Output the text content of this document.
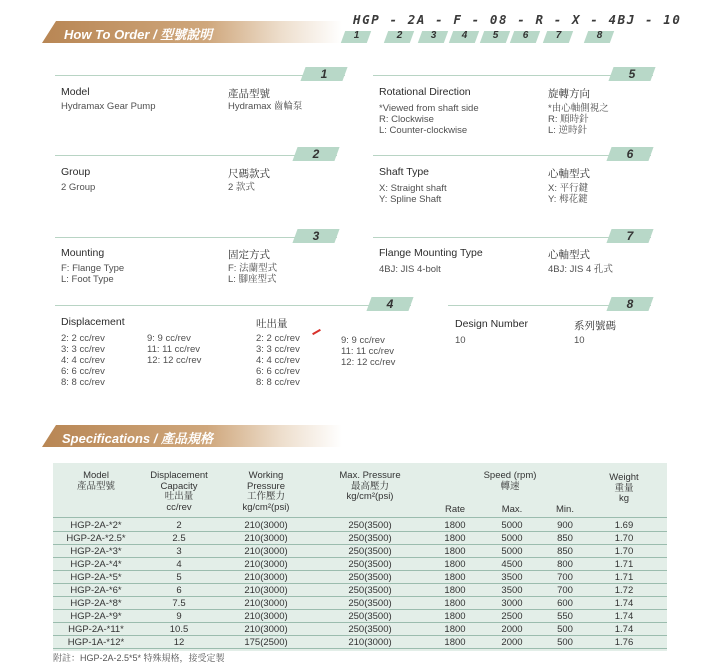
How To Order / 型號說明
HGP - 2A - F - 08 - R - X - 4BJ - 10
1	2	3	4	5	6	7	8
1	5
2	6
3	7
4	8
Model
Hydramax Gear Pump
產品型號
Hydramax 齒輪泵
Rotational Direction
*Viewed from shaft side
R: Clockwise
L: Counter-clockwise
旋轉方向
*由心軸側視之
R: 順時針
L: 逆時針
Group
2 Group
尺碼款式
2 款式
Shaft Type
X: Straight shaft
Y: Spline Shaft
心軸型式
X: 平行鍵
Y: 栂花鍵
Mounting
F: Flange Type
L: Foot Type
固定方式
F: 法蘭型式
L: 腳座型式
Flange Mounting Type
4BJ: JIS 4-bolt
心軸型式
4BJ: JIS 4 孔式
Displacement
2: 2 cc/rev
3: 3 cc/rev
4: 4 cc/rev
6: 6 cc/rev
8: 8 cc/rev
9: 9 cc/rev
11: 11 cc/rev
12: 12 cc/rev
吐出量
2: 2 cc/rev
3: 3 cc/rev
4: 4 cc/rev
6: 6 cc/rev
8: 8 cc/rev
9: 9 cc/rev
11: 11 cc/rev
12: 12 cc/rev
Design Number
10
系列號碼
10
Specifications / 產品規格
Model
產品型號
Displacement
Capacity
吐出量
cc/rev
Working
Pressure
工作壓力
kg/cm²(psi)
Max. Pressure
最高壓力
kg/cm²(psi)
Speed (rpm)
轉速
Rate	Max.	Min.
Weight
重量
kg
HGP-2A-*2*	2	210(3000)	250(3500)	1800	5000	900	1.69
HGP-2A-*2.5*	2.5	210(3000)	250(3500)	1800	5000	850	1.70
HGP-2A-*3*	3	210(3000)	250(3500)	1800	5000	850	1.70
HGP-2A-*4*	4	210(3000)	250(3500)	1800	4500	800	1.71
HGP-2A-*5*	5	210(3000)	250(3500)	1800	3500	700	1.71
HGP-2A-*6*	6	210(3000)	250(3500)	1800	3500	700	1.72
HGP-2A-*8*	7.5	210(3000)	250(3500)	1800	3000	600	1.74
HGP-2A-*9*	9	210(3000)	250(3500)	1800	2500	550	1.74
HGP-2A-*11*	10.5	210(3000)	250(3500)	1800	2000	500	1.74
HGP-1A-*12*	12	175(2500)	210(3000)	1800	2000	500	1.76
附註：HGP-2A-2.5*5* 特殊規格，接受定製
